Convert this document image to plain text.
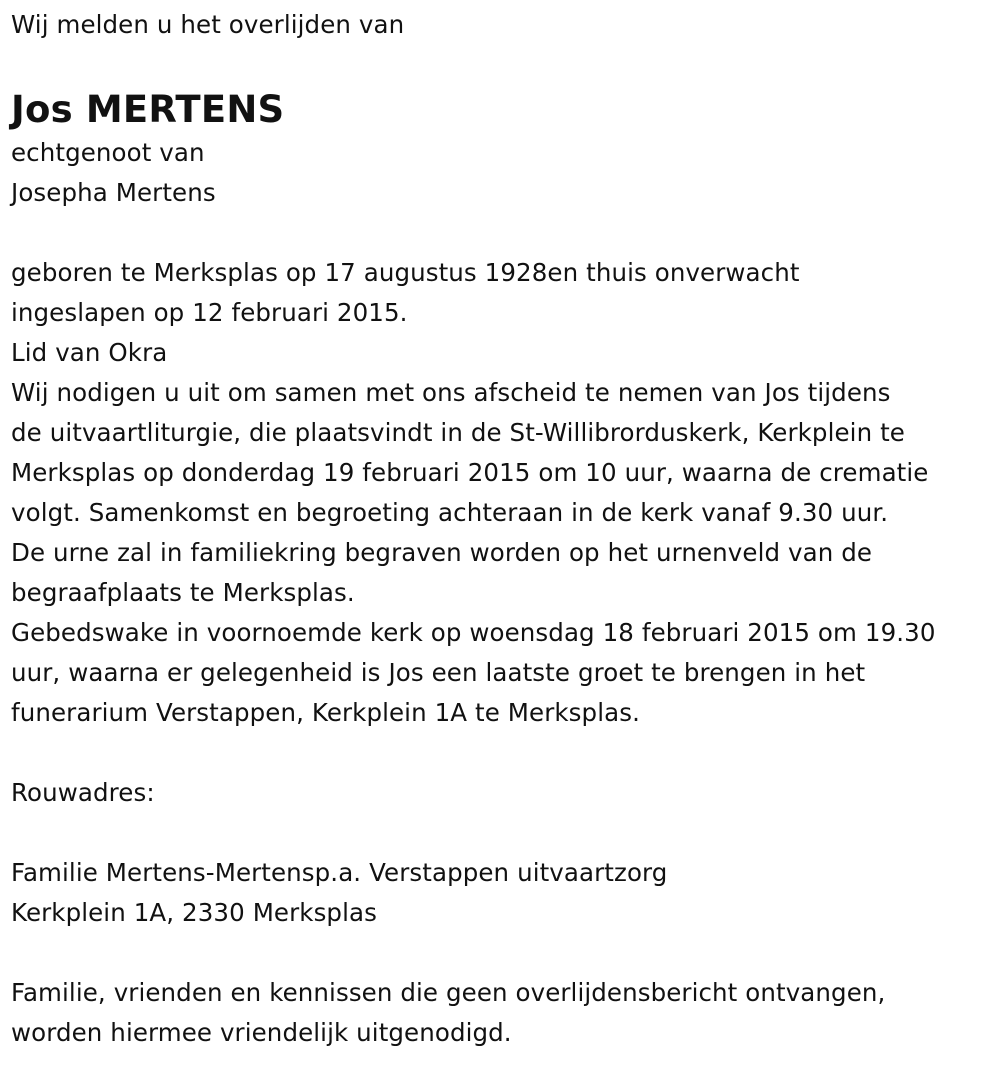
Wij melden u het overlijden van
Jos MERTENS
echtgenoot van
Josepha Mertens
geboren te Merksplas op 17 augustus 1928en thuis onverwacht
ingeslapen op 12 februari 2015.
Lid van Okra
Wij nodigen u uit om samen met ons afscheid te nemen van Jos tijdens
de uitvaartliturgie, die plaatsvindt in de St-Willibrorduskerk, Kerkplein te
Merksplas op donderdag 19 februari 2015 om 10 uur, waarna de crematie
volgt. Samenkomst en begroeting achteraan in de kerk vanaf 9.30 uur.
De urne zal in familiekring begraven worden op het urnenveld van de
begraafplaats te Merksplas.
Gebedswake in voornoemde kerk op woensdag 18 februari 2015 om 19.30
uur, waarna er gelegenheid is Jos een laatste groet te brengen in het
funerarium Verstappen, Kerkplein 1A te Merksplas.
Rouwadres:
Familie Mertens-Mertensp.a. Verstappen uitvaartzorg
Kerkplein 1A, 2330 Merksplas
Familie, vrienden en kennissen die geen overlijdensbericht ontvangen,
worden hiermee vriendelijk uitgenodigd.
